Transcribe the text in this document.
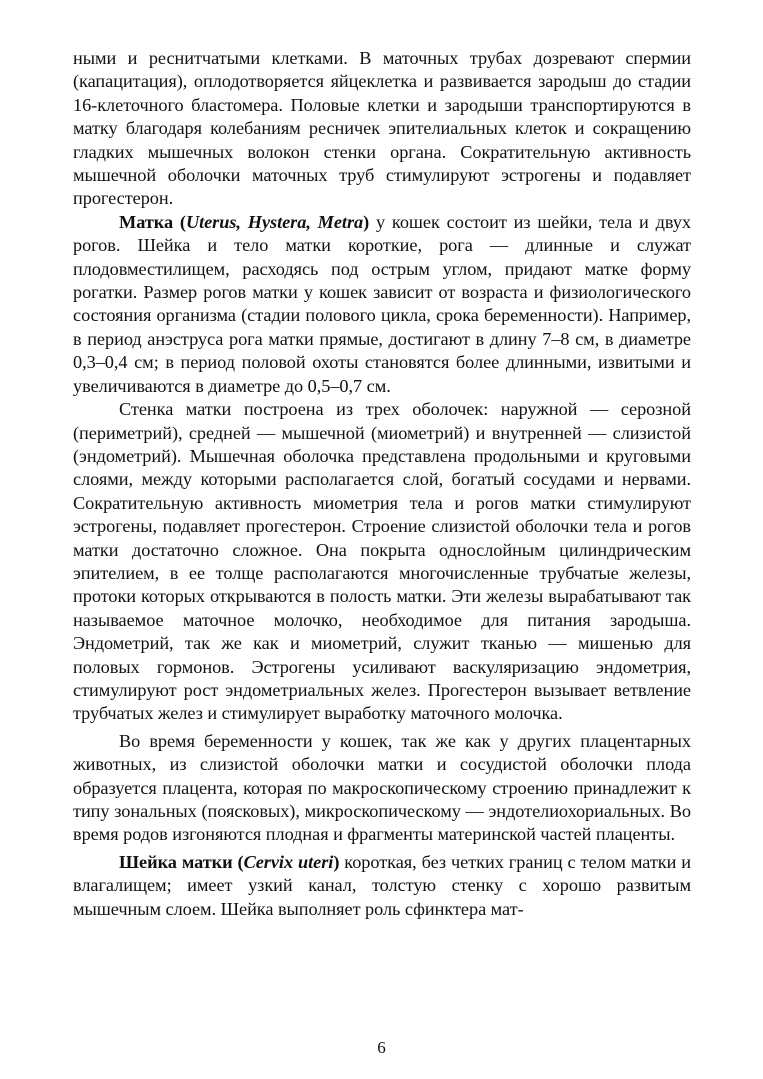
ными и реснитчатыми клетками. В маточных трубах дозревают спермии (капацитация), оплодотворяется яйцеклетка и развивается зародыш до стадии 16-клеточного бластомера. Половые клетки и зародыши транспортируются в матку благодаря колебаниям ресничек эпителиальных клеток и сокращению гладких мышечных волокон стенки органа. Сократительную активность мышечной оболочки маточных труб стимулируют эстрогены и подавляет прогестерон.

Матка (Uterus, Hystera, Metra) у кошек состоит из шейки, тела и двух рогов. Шейка и тело матки короткие, рога — длинные и служат плодовместилищем, расходясь под острым углом, придают матке форму рогатки. Размер рогов матки у кошек зависит от возраста и физиологического состояния организма (стадии полового цикла, срока беременности). Например, в период анэструса рога матки прямые, достигают в длину 7–8 см, в диаметре 0,3–0,4 см; в период половой охоты становятся более длинными, извитыми и увеличиваются в диаметре до 0,5–0,7 см.

Стенка матки построена из трех оболочек: наружной — серозной (периметрий), средней — мышечной (миометрий) и внутренней — слизистой (эндометрий). Мышечная оболочка представлена продольными и круговыми слоями, между которыми располагается слой, богатый сосудами и нервами. Сократительную активность миометрия тела и рогов матки стимулируют эстрогены, подавляет прогестерон. Строение слизистой оболочки тела и рогов матки достаточно сложное. Она покрыта однослойным цилиндрическим эпителием, в ее толще располагаются многочисленные трубчатые железы, протоки которых открываются в полость матки. Эти железы вырабатывают так называемое маточное молочко, необходимое для питания зародыша. Эндометрий, так же как и миометрий, служит тканью — мишенью для половых гормонов. Эстрогены усиливают васкуляризацию эндометрия, стимулируют рост эндометриальных желез. Прогестерон вызывает ветвление трубчатых желез и стимулирует выработку маточного молочка.

Во время беременности у кошек, так же как у других плацентарных животных, из слизистой оболочки матки и сосудистой оболочки плода образуется плацента, которая по макроскопическому строению принадлежит к типу зональных (поясковых), микроскопическому — эндотелиохориальных. Во время родов изгоняются плодная и фрагменты материнской частей плаценты.

Шейка матки (Cervix uteri) короткая, без четких границ с телом матки и влагалищем; имеет узкий канал, толстую стенку с хорошо развитым мышечным слоем. Шейка выполняет роль сфинктера мат-

6
